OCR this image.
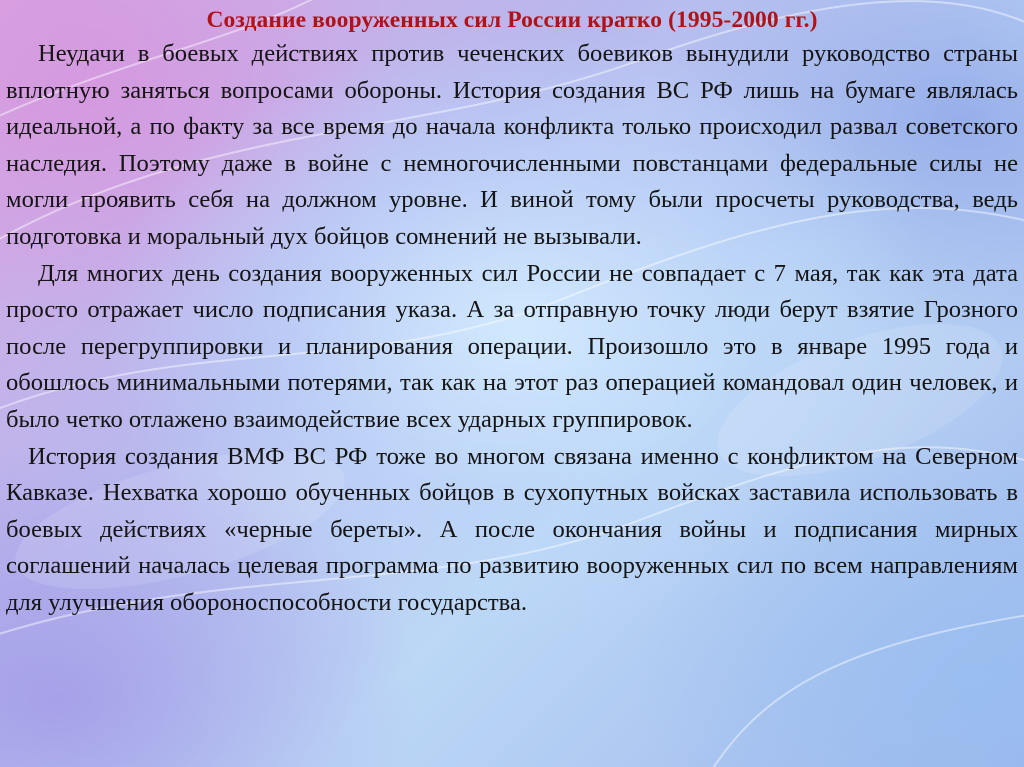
Создание вооруженных сил России кратко (1995-2000 гг.)

Неудачи в боевых действиях против чеченских боевиков вынудили руководство страны вплотную заняться вопросами обороны. История создания ВС РФ лишь на бумаге являлась идеальной, а по факту за все время до начала конфликта только происходил развал советского наследия. Поэтому даже в войне с немногочисленными повстанцами федеральные силы не могли проявить себя на должном уровне. И виной тому были просчеты руководства, ведь подготовка и моральный дух бойцов сомнений не вызывали.

Для многих день создания вооруженных сил России не совпадает с 7 мая, так как эта дата просто отражает число подписания указа. А за отправную точку люди берут взятие Грозного после перегруппировки и планирования операции. Произошло это в январе 1995 года и обошлось минимальными потерями, так как на этот раз операцией командовал один человек, и было четко отлажено взаимодействие всех ударных группировок.

История создания ВМФ ВС РФ тоже во многом связана именно с конфликтом на Северном Кавказе. Нехватка хорошо обученных бойцов в сухопутных войсках заставила использовать в боевых действиях «черные береты». А после окончания войны и подписания мирных соглашений началась целевая программа по развитию вооруженных сил по всем направлениям для улучшения обороноспособности государства.
